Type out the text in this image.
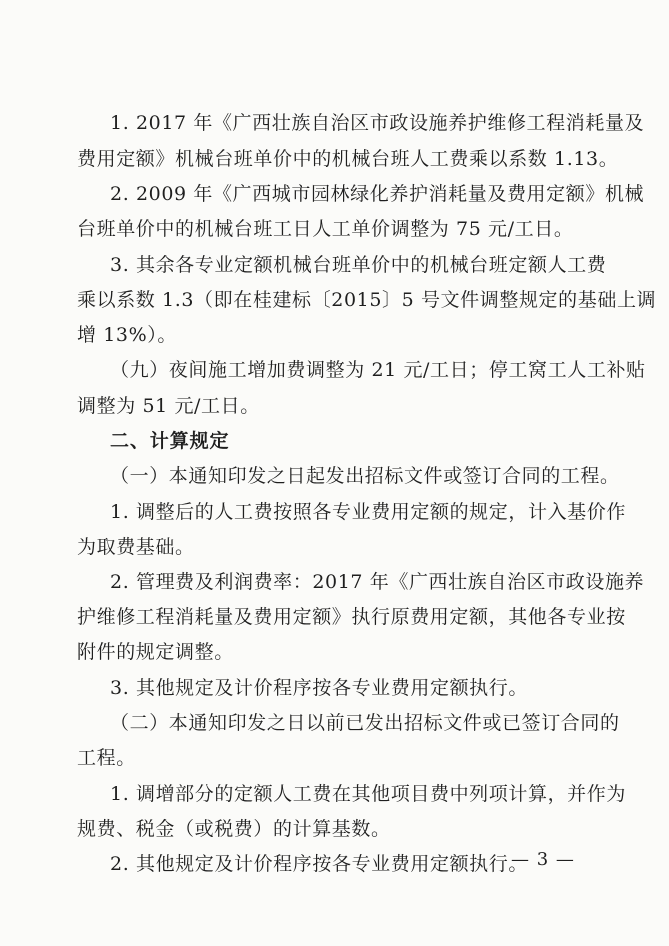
1. 2017 年《广西壮族自治区市政设施养护维修工程消耗量及
费用定额》机械台班单价中的机械台班人工费乘以系数 1.13。
2. 2009 年《广西城市园林绿化养护消耗量及费用定额》机械
台班单价中的机械台班工日人工单价调整为 75 元/工日。
3. 其余各专业定额机械台班单价中的机械台班定额人工费
乘以系数 1.3（即在桂建标〔2015〕5 号文件调整规定的基础上调
增 13%）。
（九）夜间施工增加费调整为 21 元/工日；停工窝工人工补贴
调整为 51 元/工日。
二、计算规定
（一）本通知印发之日起发出招标文件或签订合同的工程。
1. 调整后的人工费按照各专业费用定额的规定，计入基价作
为取费基础。
2. 管理费及利润费率：2017 年《广西壮族自治区市政设施养
护维修工程消耗量及费用定额》执行原费用定额，其他各专业按
附件的规定调整。
3. 其他规定及计价程序按各专业费用定额执行。
（二）本通知印发之日以前已发出招标文件或已签订合同的
工程。
1. 调增部分的定额人工费在其他项目费中列项计算，并作为
规费、税金（或税费）的计算基数。
2. 其他规定及计价程序按各专业费用定额执行。
— 3 —
